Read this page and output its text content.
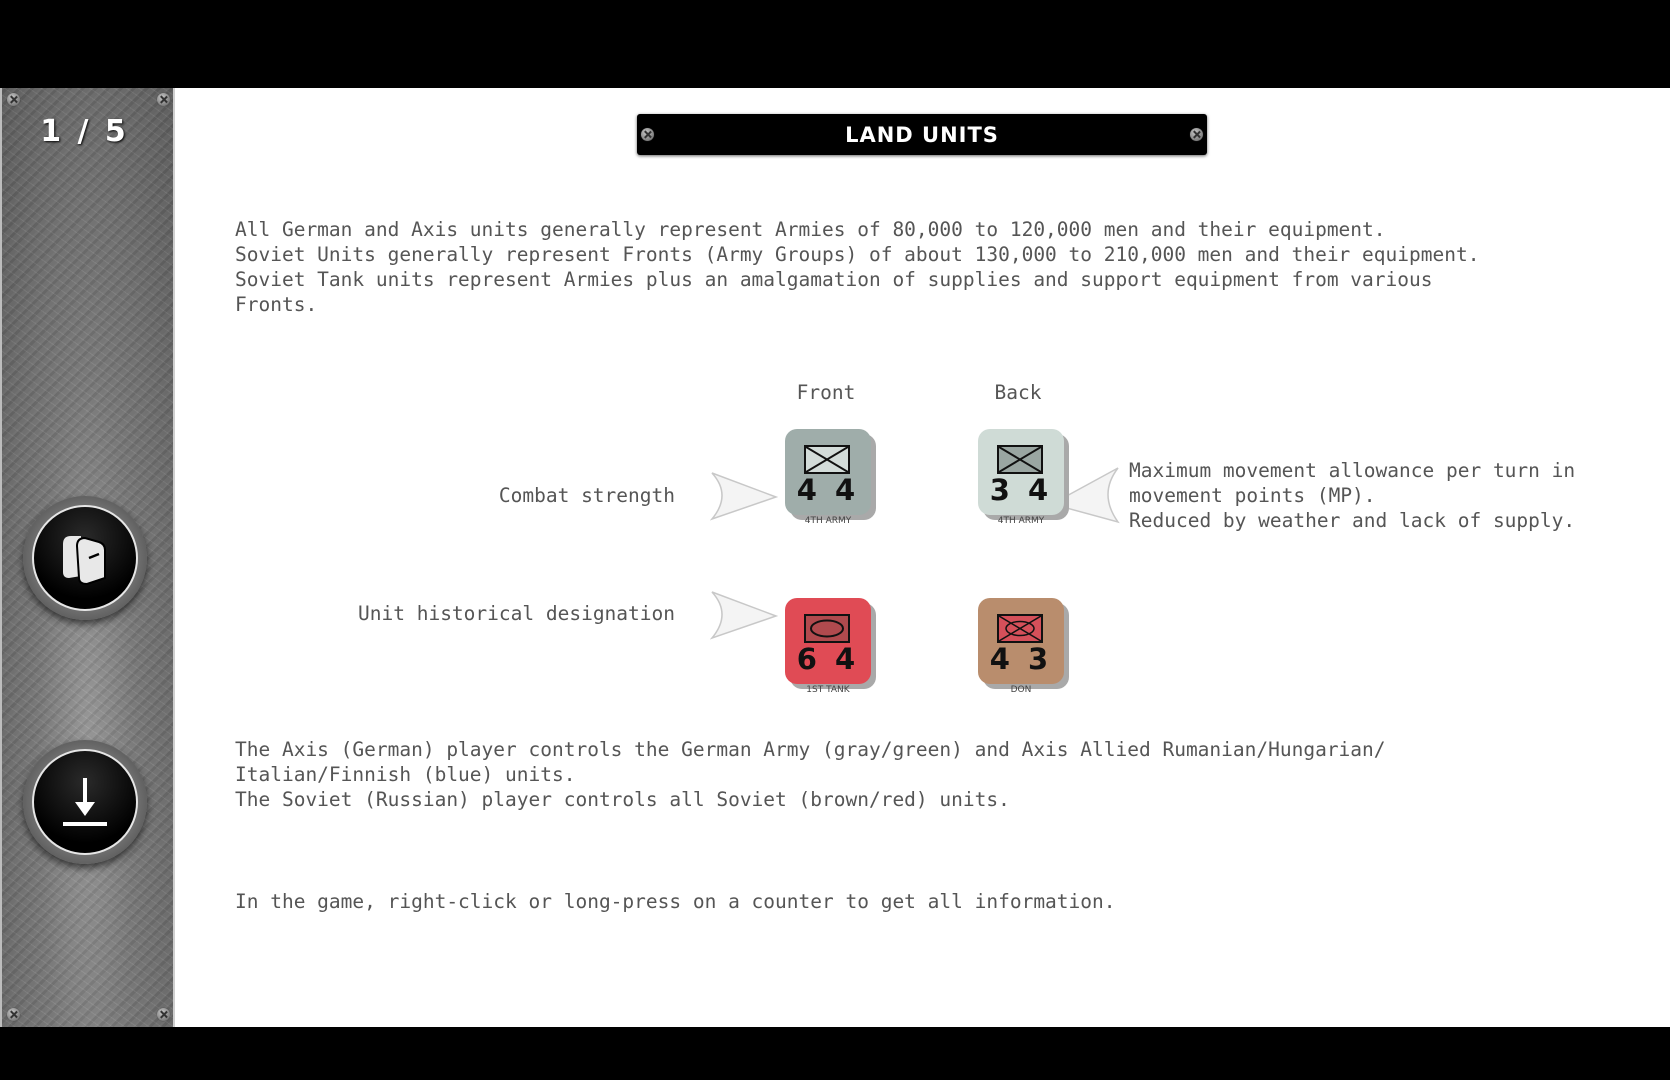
1 / 5	LAND UNITS
All German and Axis units generally represent Armies of 80,000 to 120,000 men and their equipment.
Soviet Units generally represent Fronts (Army Groups) of about 130,000 to 210,000 men and their equipment.
Soviet Tank units represent Armies plus an amalgamation of supplies and support equipment from various
Fronts.
Front	Back
Combat strength
Unit historical designation
4 4
4TH ARMY
3 4
4TH ARMY
6 4
1ST TANK
4 3
DON
Maximum movement allowance per turn in
movement points (MP).
Reduced by weather and lack of supply.
The Axis (German) player controls the German Army (gray/green) and Axis Allied Rumanian/Hungarian/
Italian/Finnish (blue) units.
The Soviet (Russian) player controls all Soviet (brown/red) units.
In the game, right-click or long-press on a counter to get all information.
